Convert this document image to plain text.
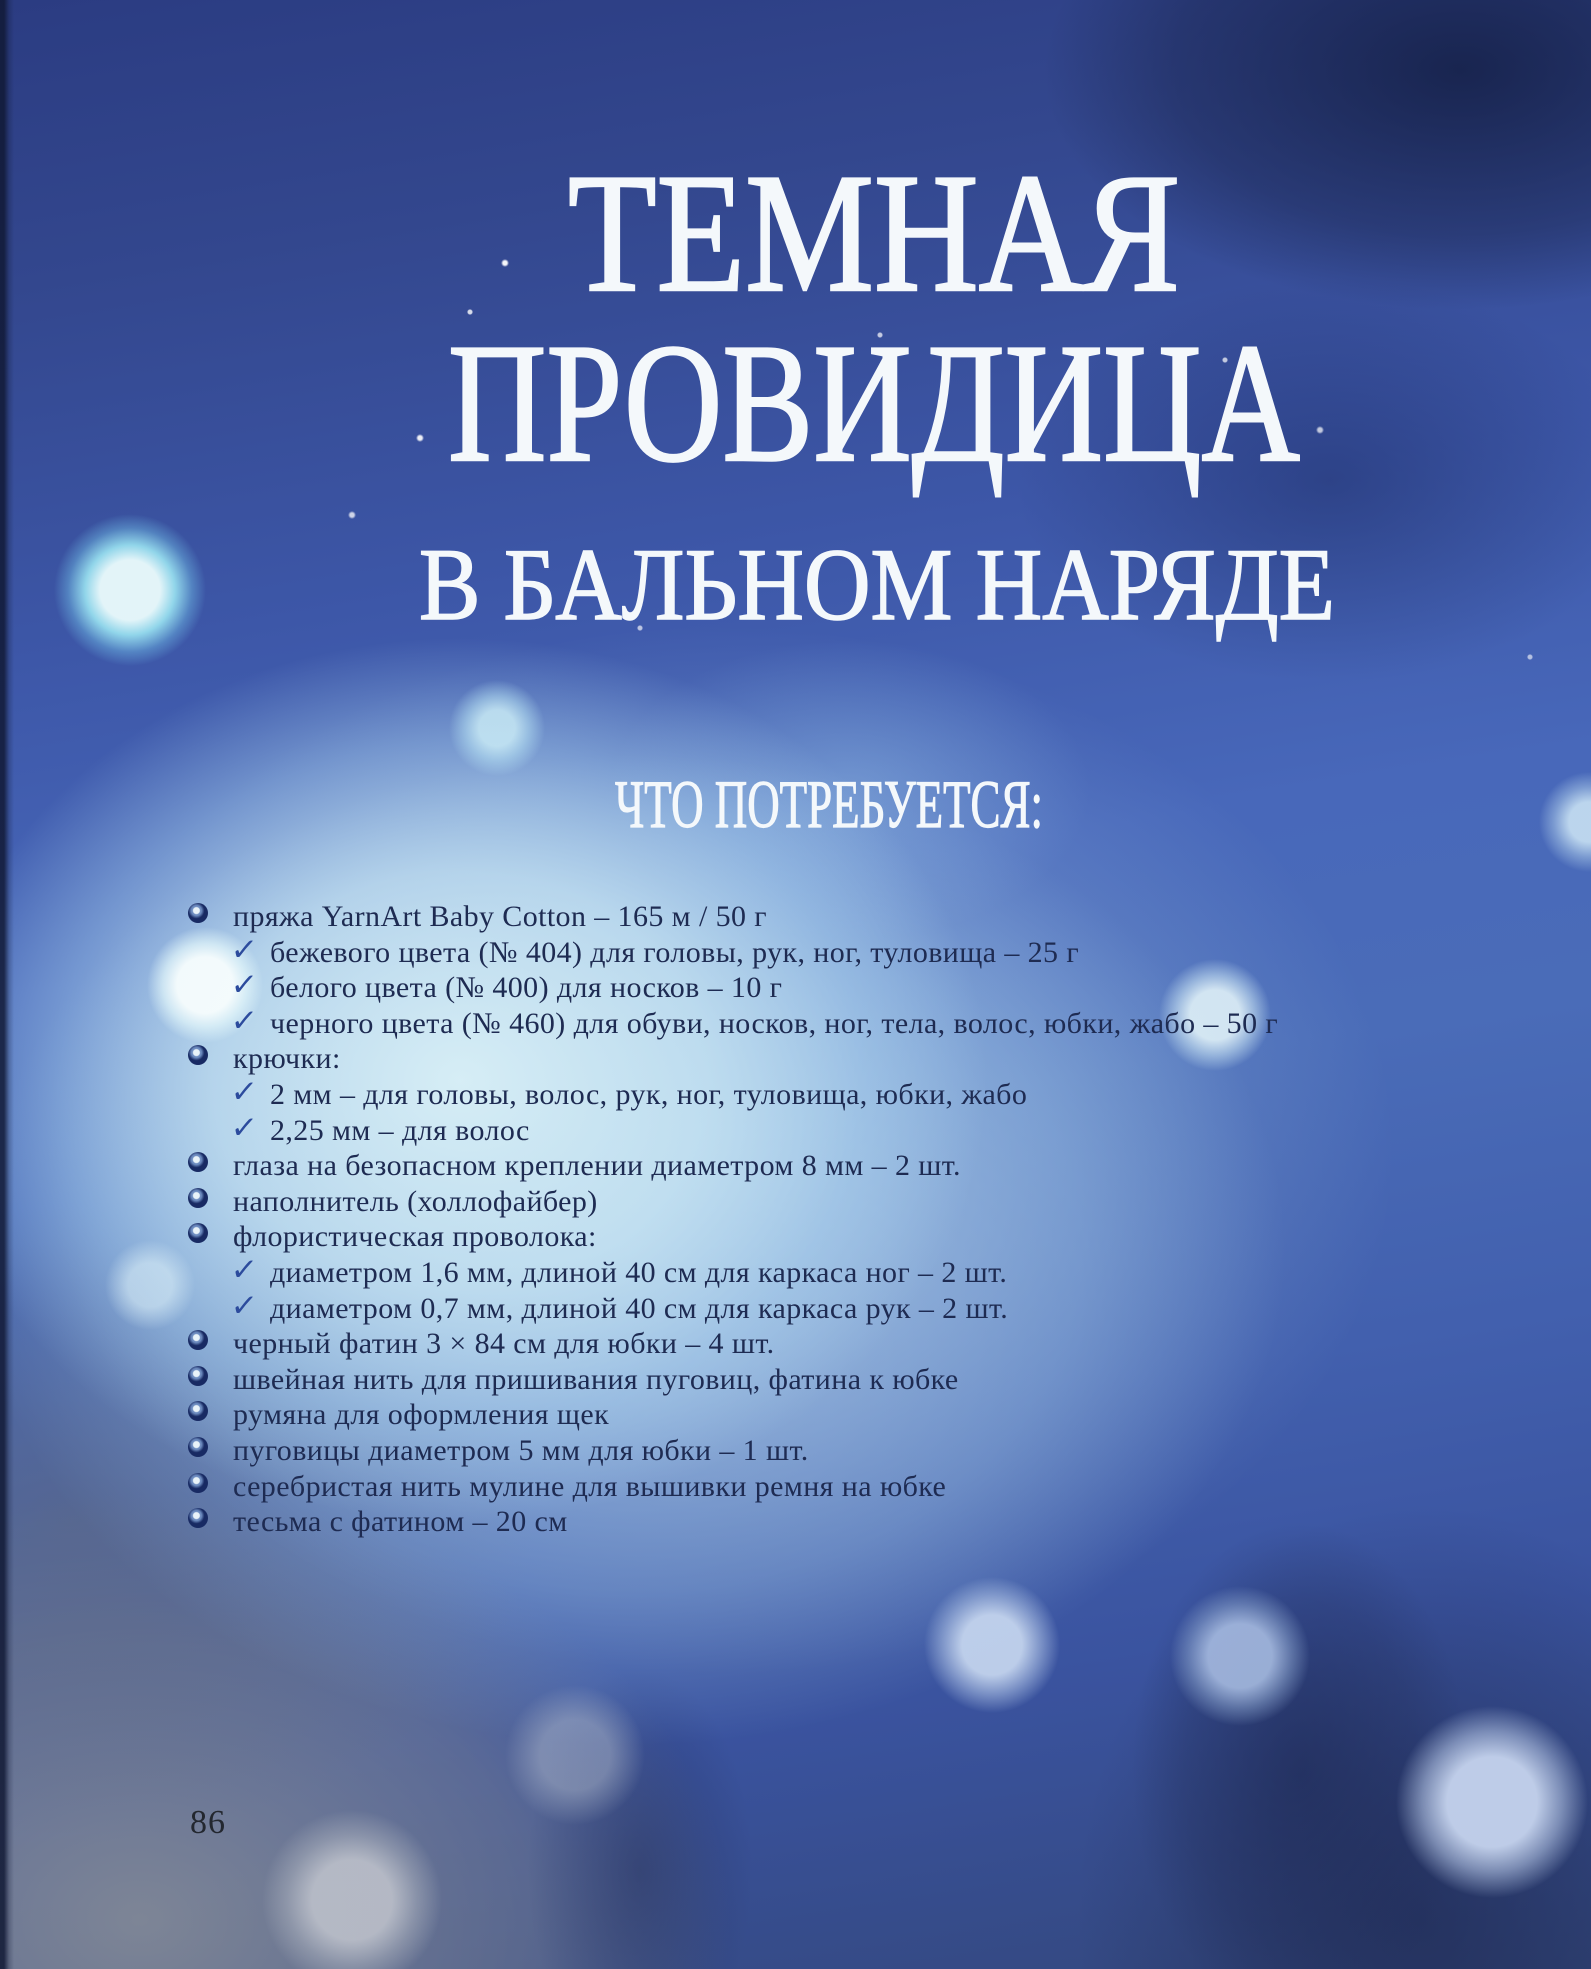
ТЕМНАЯ
ПРОВИДИЦА
В БАЛЬНОМ НАРЯДЕ
ЧТО ПОТРЕБУЕТСЯ:
пряжа YarnArt Baby Cotton – 165 м / 50 г
✓ бежевого цвета (№ 404) для головы, рук, ног, туловища – 25 г
✓ белого цвета (№ 400) для носков – 10 г
✓ черного цвета (№ 460) для обуви, носков, ног, тела, волос, юбки, жабо – 50 г
крючки:
✓ 2 мм – для головы, волос, рук, ног, туловища, юбки, жабо
✓ 2,25 мм – для волос
глаза на безопасном креплении диаметром 8 мм – 2 шт.
наполнитель (холлофайбер)
флористическая проволока:
✓ диаметром 1,6 мм, длиной 40 см для каркаса ног – 2 шт.
✓ диаметром 0,7 мм, длиной 40 см для каркаса рук – 2 шт.
черный фатин 3 × 84 см для юбки – 4 шт.
швейная нить для пришивания пуговиц, фатина к юбке
румяна для оформления щек
пуговицы диаметром 5 мм для юбки – 1 шт.
серебристая нить мулине для вышивки ремня на юбке
тесьма с фатином – 20 см
86
